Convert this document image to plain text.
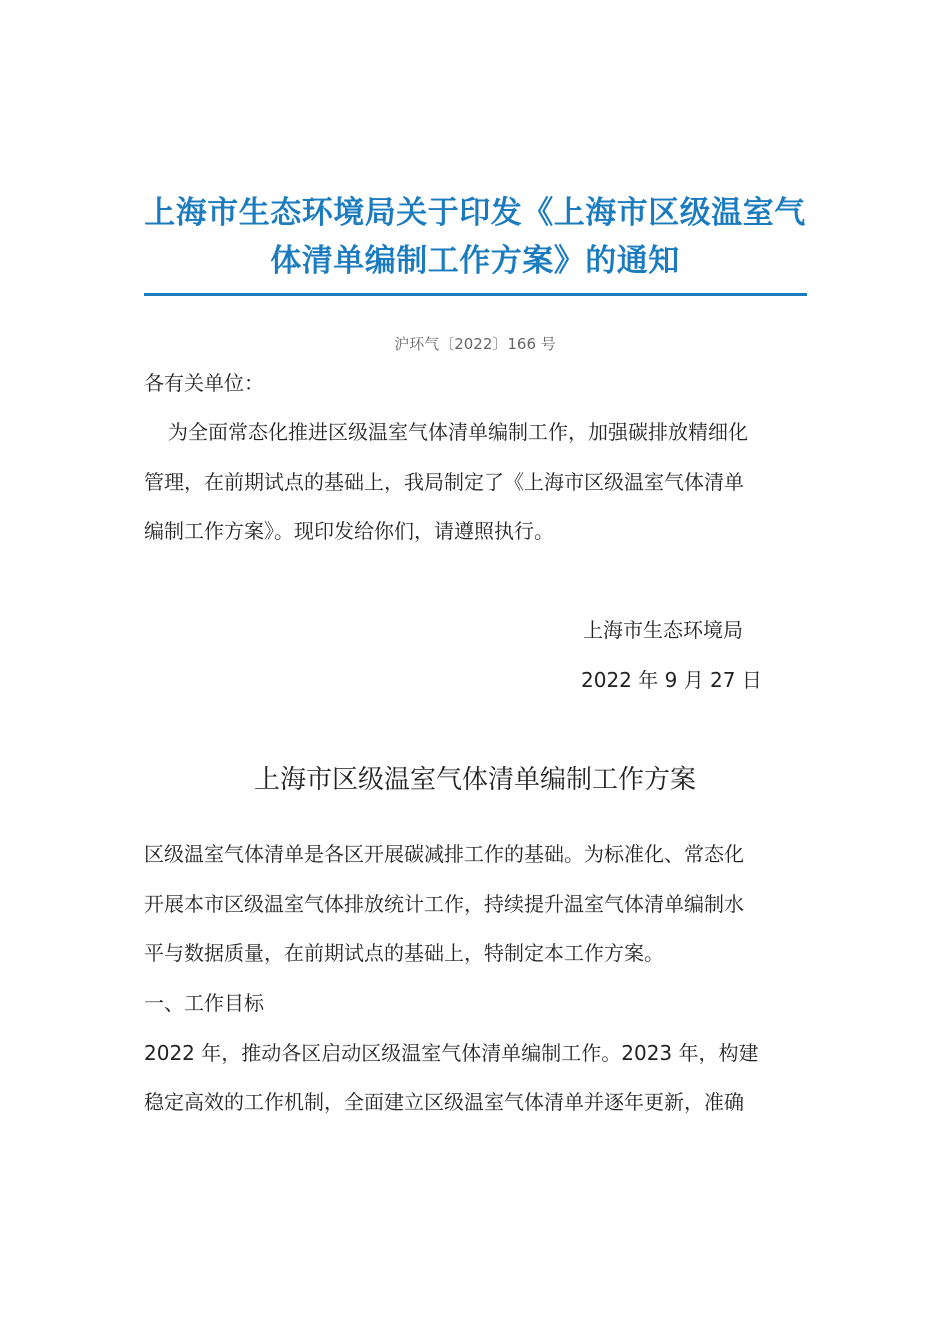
上海市生态环境局关于印发《上海市区级温室气
体清单编制工作方案》的通知
沪环气〔2022〕166 号
各有关单位：
为全面常态化推进区级温室气体清单编制工作，加强碳排放精细化
管理，在前期试点的基础上，我局制定了《上海市区级温室气体清单
编制工作方案》。现印发给你们，请遵照执行。
上海市生态环境局
2022 年 9 月 27 日
上海市区级温室气体清单编制工作方案
区级温室气体清单是各区开展碳减排工作的基础。为标准化、常态化
开展本市区级温室气体排放统计工作，持续提升温室气体清单编制水
平与数据质量，在前期试点的基础上，特制定本工作方案。
一、工作目标
2022 年，推动各区启动区级温室气体清单编制工作。2023 年，构建
稳定高效的工作机制，全面建立区级温室气体清单并逐年更新，准确
